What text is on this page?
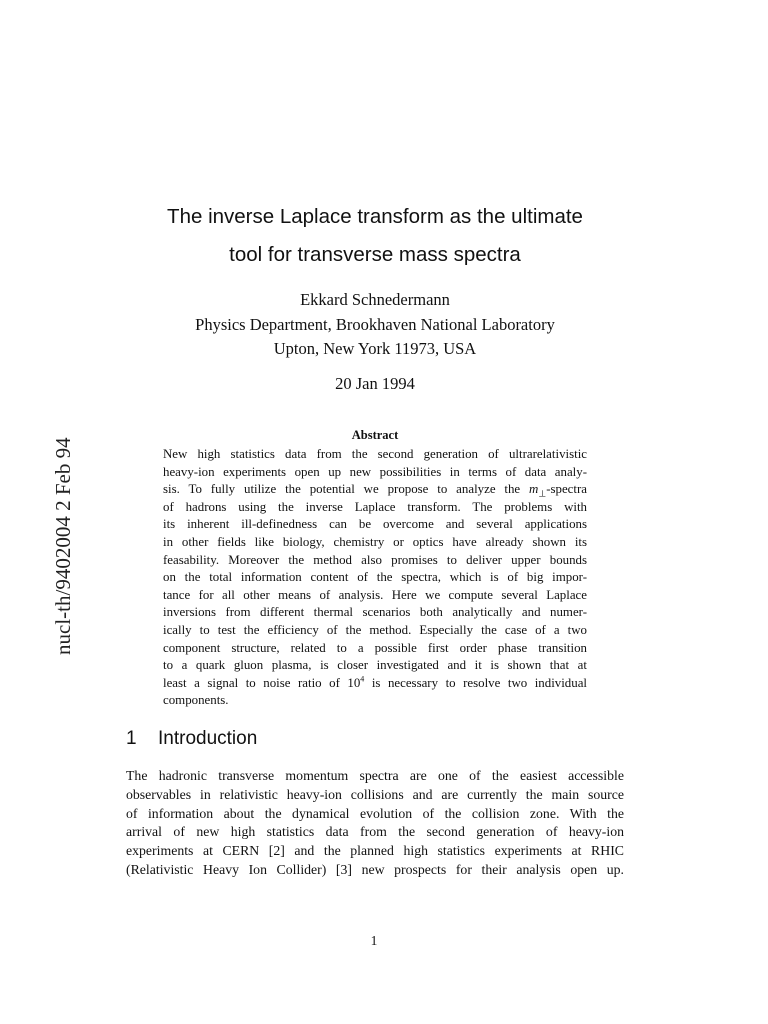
nucl-th/9402004 2 Feb 94
The inverse Laplace transform as the ultimate
tool for transverse mass spectra
Ekkard Schnedermann
Physics Department, Brookhaven National Laboratory
Upton, New York 11973, USA
20 Jan 1994
Abstract
New high statistics data from the second generation of ultrarelativistic
heavy-ion experiments open up new possibilities in terms of data analy-
sis. To fully utilize the potential we propose to analyze the $m_\perp$-spectra
of hadrons using the inverse Laplace transform. The problems with
its inherent ill-definedness can be overcome and several applications
in other fields like biology, chemistry or optics have already shown its
feasability. Moreover the method also promises to deliver upper bounds
on the total information content of the spectra, which is of big impor-
tance for all other means of analysis. Here we compute several Laplace
inversions from different thermal scenarios both analytically and numer-
ically to test the efficiency of the method. Especially the case of a two
component structure, related to a possible first order phase transition
to a quark gluon plasma, is closer investigated and it is shown that at
least a signal to noise ratio of $10^4$ is necessary to resolve two individual
components.
1 Introduction
The hadronic transverse momentum spectra are one of the easiest accessible
observables in relativistic heavy-ion collisions and are currently the main source
of information about the dynamical evolution of the collision zone. With the
arrival of new high statistics data from the second generation of heavy-ion
experiments at CERN [2] and the planned high statistics experiments at RHIC
(Relativistic Heavy Ion Collider) [3] new prospects for their analysis open up.
1
